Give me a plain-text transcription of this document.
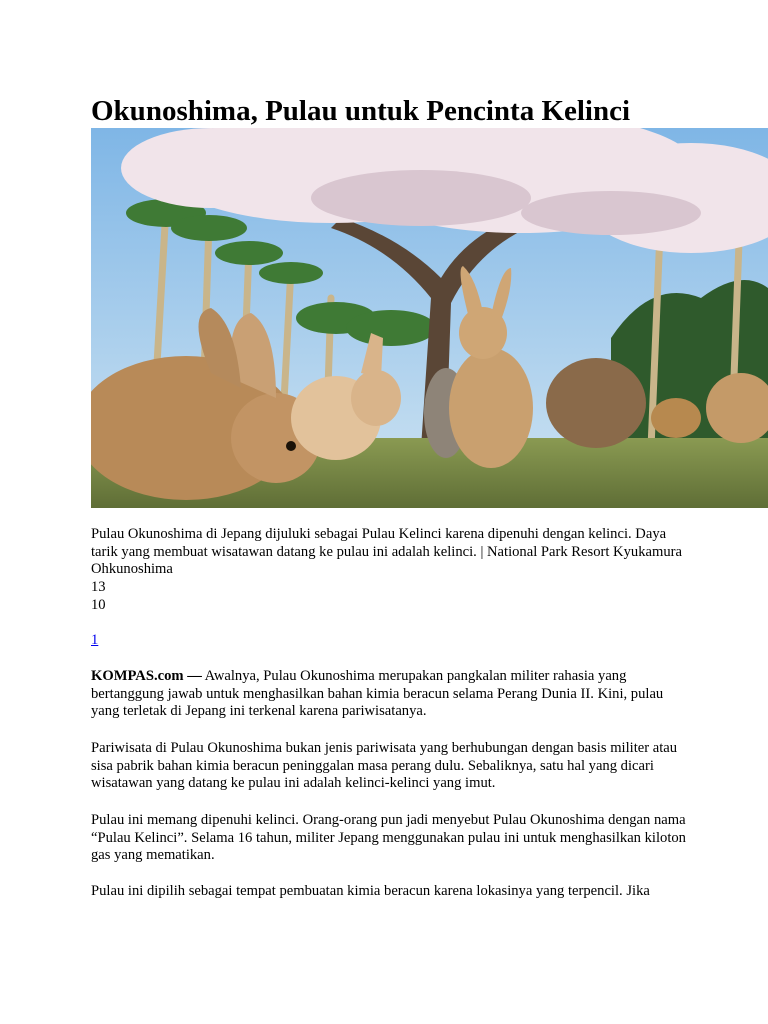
Okunoshima, Pulau untuk Pencinta Kelinci
Pulau Okunoshima di Jepang dijuluki sebagai Pulau Kelinci karena dipenuhi dengan kelinci. Daya tarik yang membuat wisatawan datang ke pulau ini adalah kelinci. | National Park Resort Kyukamura Ohkunoshima
13
10
1

KOMPAS.com — Awalnya, Pulau Okunoshima merupakan pangkalan militer rahasia yang bertanggung jawab untuk menghasilkan bahan kimia beracun selama Perang Dunia II. Kini, pulau yang terletak di Jepang ini terkenal karena pariwisatanya.

Pariwisata di Pulau Okunoshima bukan jenis pariwisata yang berhubungan dengan basis militer atau sisa pabrik bahan kimia beracun peninggalan masa perang dulu. Sebaliknya, satu hal yang dicari wisatawan yang datang ke pulau ini adalah kelinci-kelinci yang imut.
Pulau ini memang dipenuhi kelinci. Orang-orang pun jadi menyebut Pulau Okunoshima dengan nama “Pulau Kelinci”. Selama 16 tahun, militer Jepang menggunakan pulau ini untuk menghasilkan kiloton gas yang mematikan.
Pulau ini dipilih sebagai tempat pembuatan kimia beracun karena lokasinya yang terpencil. Jika
